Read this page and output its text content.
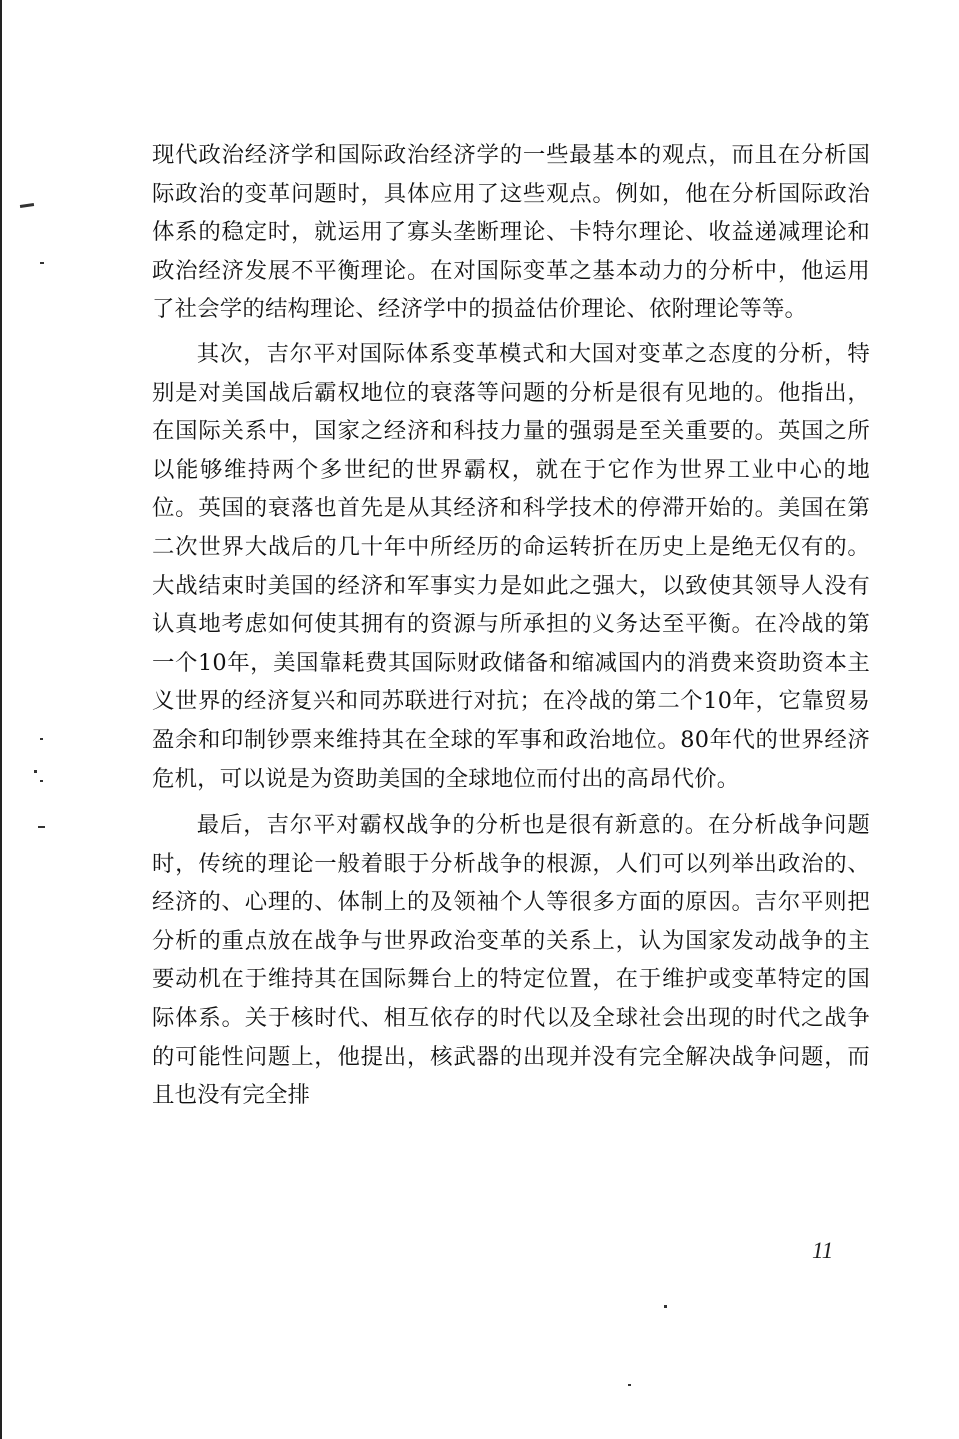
现代政治经济学和国际政治经济学的一些最基本的观点，而且在分析国际政治的变革问题时，具体应用了这些观点。例如，他在分析国际政治体系的稳定时，就运用了寡头垄断理论、卡特尔理论、收益递减理论和政治经济发展不平衡理论。在对国际变革之基本动力的分析中，他运用了社会学的结构理论、经济学中的损益估价理论、依附理论等等。

其次，吉尔平对国际体系变革模式和大国对变革之态度的分析，特别是对美国战后霸权地位的衰落等问题的分析是很有见地的。他指出，在国际关系中，国家之经济和科技力量的强弱是至关重要的。英国之所以能够维持两个多世纪的世界霸权，就在于它作为世界工业中心的地位。英国的衰落也首先是从其经济和科学技术的停滞开始的。美国在第二次世界大战后的几十年中所经历的命运转折在历史上是绝无仅有的。大战结束时美国的经济和军事实力是如此之强大，以致使其领导人没有认真地考虑如何使其拥有的资源与所承担的义务达至平衡。在冷战的第一个10年，美国靠耗费其国际财政储备和缩减国内的消费来资助资本主义世界的经济复兴和同苏联进行对抗；在冷战的第二个10年，它靠贸易盈余和印制钞票来维持其在全球的军事和政治地位。80年代的世界经济危机，可以说是为资助美国的全球地位而付出的高昂代价。

最后，吉尔平对霸权战争的分析也是很有新意的。在分析战争问题时，传统的理论一般着眼于分析战争的根源，人们可以列举出政治的、经济的、心理的、体制上的及领袖个人等很多方面的原因。吉尔平则把分析的重点放在战争与世界政治变革的关系上，认为国家发动战争的主要动机在于维持其在国际舞台上的特定位置，在于维护或变革特定的国际体系。关于核时代、相互依存的时代以及全球社会出现的时代之战争的可能性问题上，他提出，核武器的出现并没有完全解决战争问题，而且也没有完全排

11
